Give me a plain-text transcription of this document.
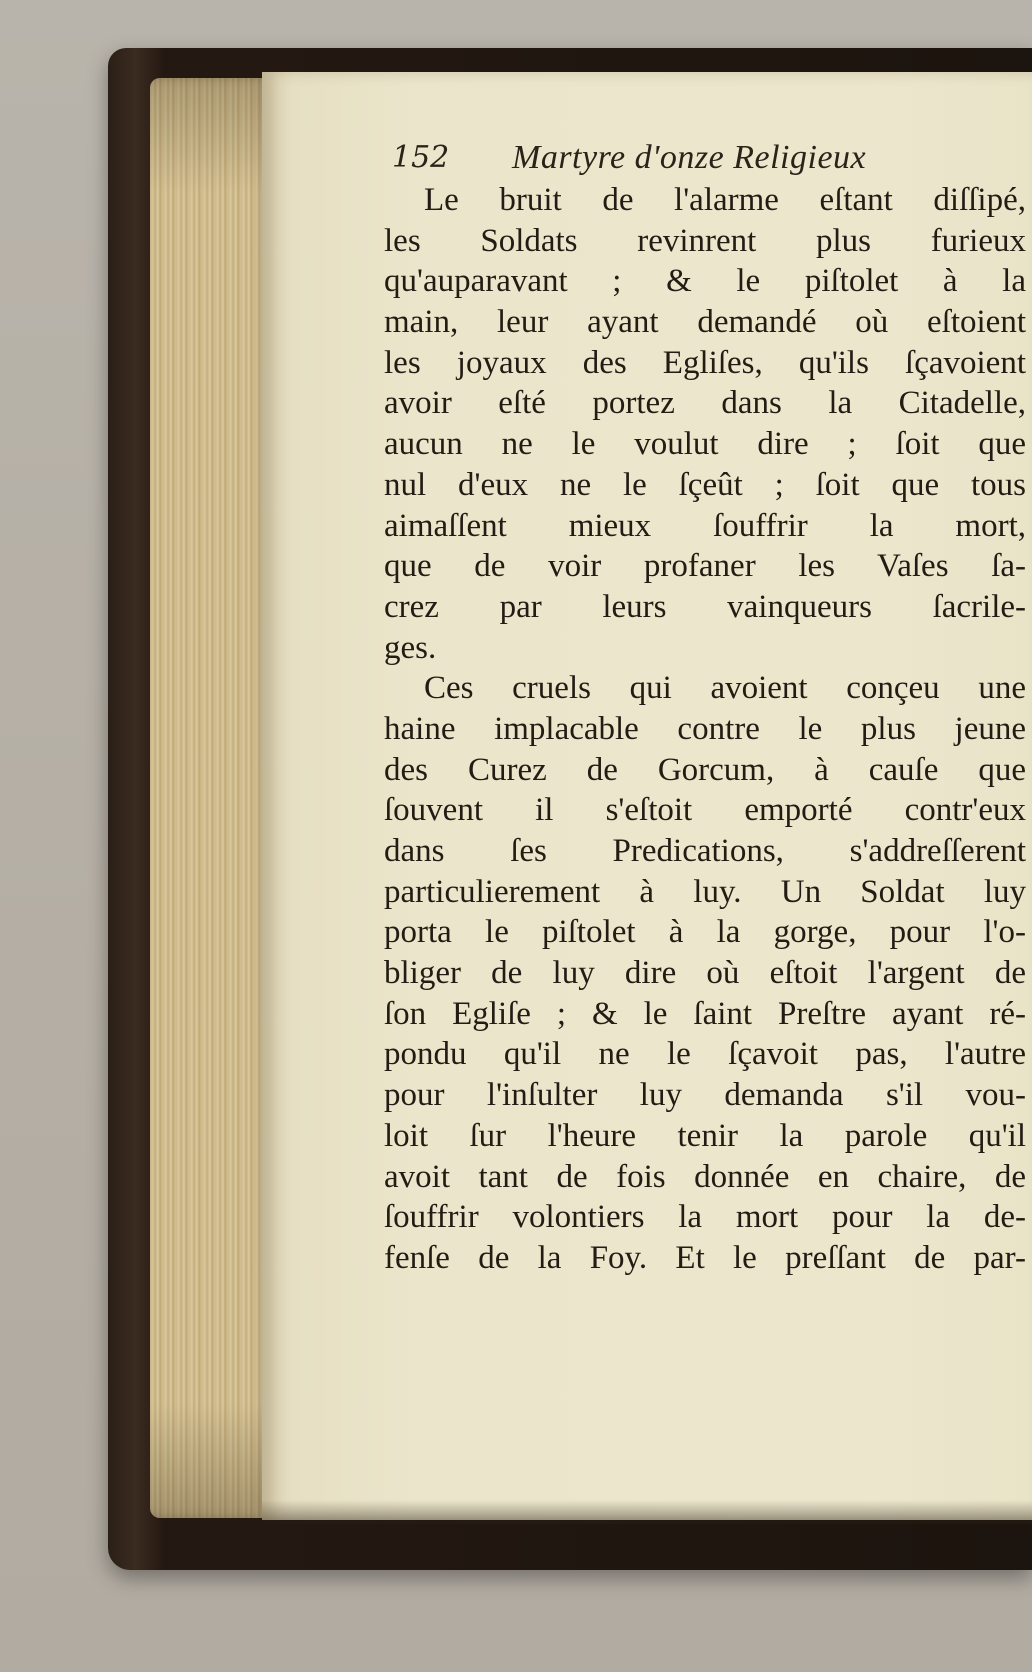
152 Martyre d'onze Religieux
Le bruit de l'alarme eſtant diſſipé,
les Soldats revinrent plus furieux
qu'auparavant ; & le piſtolet à la
main, leur ayant demandé où eſtoient
les joyaux des Egliſes, qu'ils ſçavoient
avoir eſté portez dans la Citadelle,
aucun ne le voulut dire ; ſoit que
nul d'eux ne le ſçeût ; ſoit que tous
aimaſſent mieux ſouffrir la mort,
que de voir profaner les Vaſes ſa-
crez par leurs vainqueurs ſacrile-
ges.
Ces cruels qui avoient conçeu une
haine implacable contre le plus jeune
des Curez de Gorcum, à cauſe que
ſouvent il s'eſtoit emporté contr'eux
dans ſes Predications, s'addreſſerent
particulierement à luy. Un Soldat luy
porta le piſtolet à la gorge, pour l'o-
bliger de luy dire où eſtoit l'argent de
ſon Egliſe ; & le ſaint Preſtre ayant ré-
pondu qu'il ne le ſçavoit pas, l'autre
pour l'inſulter luy demanda s'il vou-
loit ſur l'heure tenir la parole qu'il
avoit tant de fois donnée en chaire, de
ſouffrir volontiers la mort pour la de-
fenſe de la Foy. Et le preſſant de par-
